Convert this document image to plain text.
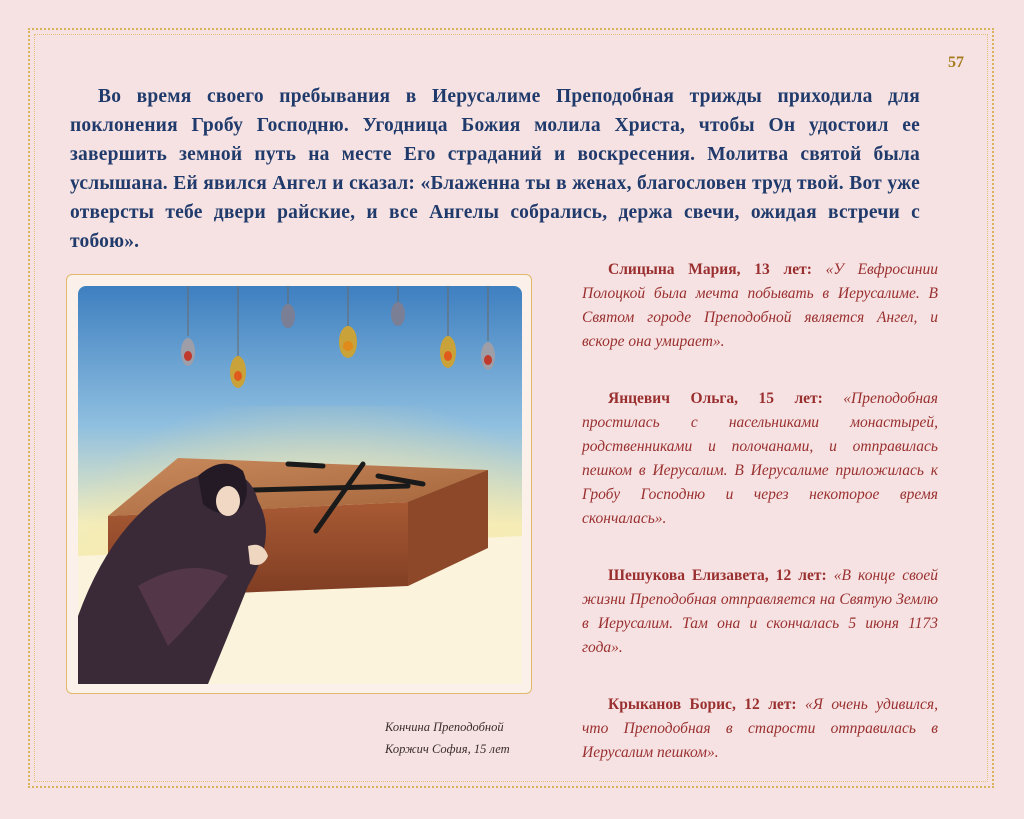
57
Во время своего пребывания в Иерусалиме Преподобная трижды приходила для поклонения Гробу Господню. Угодница Божия молила Христа, чтобы Он удостоил ее завершить земной путь на месте Его страданий и воскресения. Молитва святой была услышана. Ей явился Ангел и сказал: «Блаженна ты в женах, благословен труд твой. Вот уже отверсты тебе двери райские, и все Ангелы собрались, держа свечи, ожидая встречи с тобою».
Кончина Преподобной
Коржич София, 15 лет

Слицына Мария, 13 лет: «У Евфросинии Полоцкой была мечта побывать в Иерусалиме. В Святом городе Преподобной является Ангел, и вскоре она умирает».

Янцевич Ольга, 15 лет: «Преподобная простилась с насельниками монастырей, родственниками и полочанами, и отправилась пешком в Иерусалим. В Иерусалиме приложилась к Гробу Господню и через некоторое время скончалась».

Шешукова Елизавета, 12 лет: «В конце своей жизни Преподобная отправляется на Святую Землю в Иерусалим. Там она и скончалась 5 июня 1173 года».

Крыканов Борис, 12 лет: «Я очень удивился, что Преподобная в старости отправилась в Иерусалим пешком».
